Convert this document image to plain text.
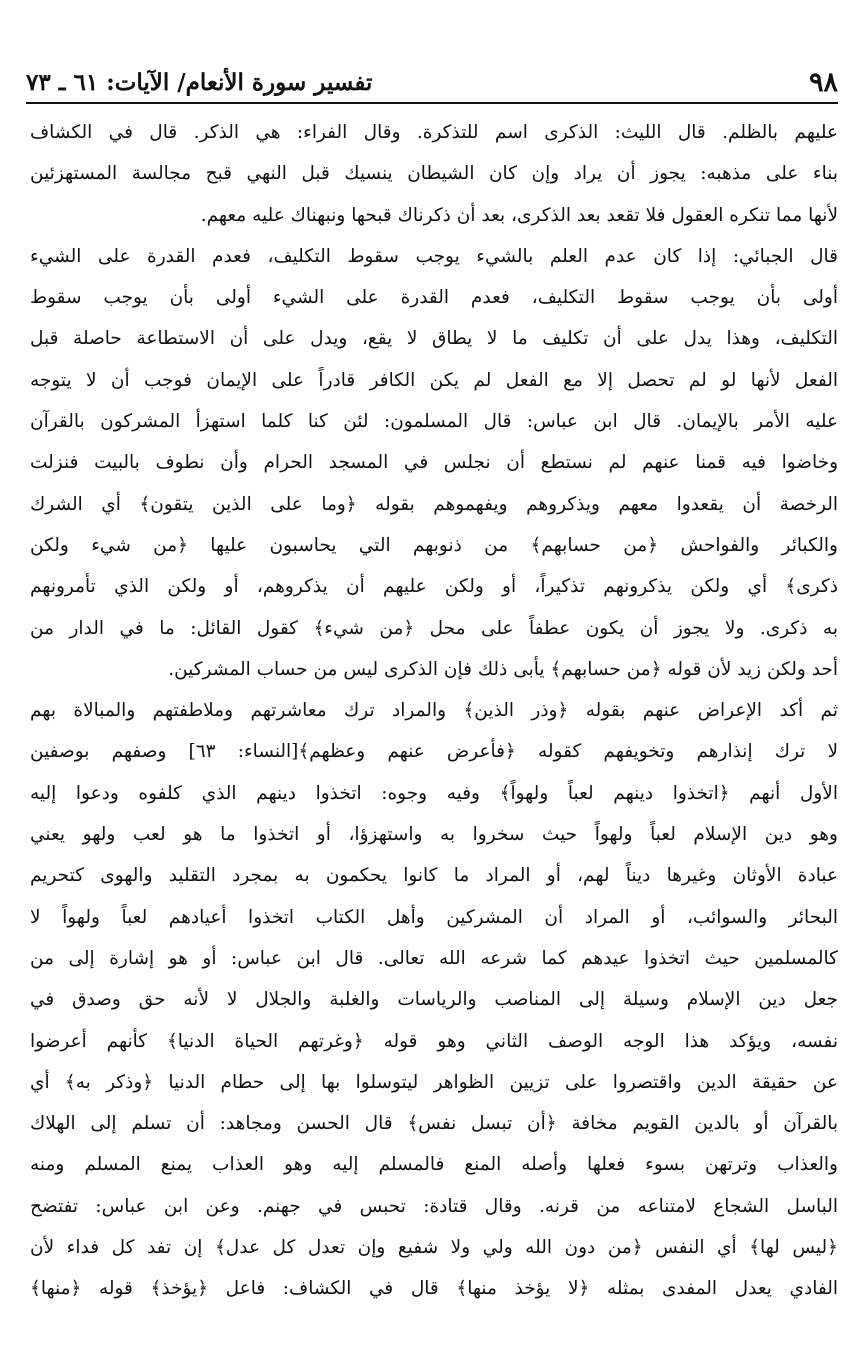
٩٨
تفسير سورة الأنعام/ الآيات: ٦١ ـ ٧٣
عليهم بالظلم. قال الليث: الذكرى اسم للتذكرة. وقال الفراء: هي الذكر. قال في الكشاف
بناء على مذهبه: يجوز أن يراد وإن كان الشيطان ينسيك قبل النهي قبح مجالسة المستهزئين
لأنها مما تنكره العقول فلا تقعد بعد الذكرى، بعد أن ذكرناك قبحها ونبهناك عليه معهم.
قال الجبائي: إذا كان عدم العلم بالشيء يوجب سقوط التكليف، فعدم القدرة على الشيء
أولى بأن يوجب سقوط التكليف، فعدم القدرة على الشيء أولى بأن يوجب سقوط
التكليف، وهذا يدل على أن تكليف ما لا يطاق لا يقع، ويدل على أن الاستطاعة حاصلة قبل
الفعل لأنها لو لم تحصل إلا مع الفعل لم يكن الكافر قادراً على الإيمان فوجب أن لا يتوجه
عليه الأمر بالإيمان. قال ابن عباس: قال المسلمون: لئن كنا كلما استهزأ المشركون بالقرآن
وخاضوا فيه قمنا عنهم لم نستطع أن نجلس في المسجد الحرام وأن نطوف بالبيت فنزلت
الرخصة أن يقعدوا معهم ويذكروهم ويفهموهم بقوله ﴿وما على الذين يتقون﴾ أي الشرك
والكبائر والفواحش ﴿من حسابهم﴾ من ذنوبهم التي يحاسبون عليها ﴿من شيء ولكن
ذكرى﴾ أي ولكن يذكرونهم تذكيراً، أو ولكن عليهم أن يذكروهم، أو ولكن الذي تأمرونهم
به ذكرى. ولا يجوز أن يكون عطفاً على محل ﴿من شيء﴾ كقول القائل: ما في الدار من
أحد ولكن زيد لأن قوله ﴿من حسابهم﴾ يأبى ذلك فإن الذكرى ليس من حساب المشركين.
ثم أكد الإعراض عنهم بقوله ﴿وذر الذين﴾ والمراد ترك معاشرتهم وملاطفتهم والمبالاة بهم
لا ترك إنذارهم وتخويفهم كقوله ﴿فأعرض عنهم وعظهم﴾[النساء: ٦٣] وصفهم بوصفين
الأول أنهم ﴿اتخذوا دينهم لعباً ولهواً﴾ وفيه وجوه: اتخذوا دينهم الذي كلفوه ودعوا إليه
وهو دين الإسلام لعباً ولهواً حيث سخروا به واستهزؤا، أو اتخذوا ما هو لعب ولهو يعني
عبادة الأوثان وغيرها ديناً لهم، أو المراد ما كانوا يحكمون به بمجرد التقليد والهوى كتحريم
البحائر والسوائب، أو المراد أن المشركين وأهل الكتاب اتخذوا أعيادهم لعباً ولهواً لا
كالمسلمين حيث اتخذوا عيدهم كما شرعه الله تعالى. قال ابن عباس: أو هو إشارة إلى من
جعل دين الإسلام وسيلة إلى المناصب والرياسات والغلبة والجلال لا لأنه حق وصدق في
نفسه، ويؤكد هذا الوجه الوصف الثاني وهو قوله ﴿وغرتهم الحياة الدنيا﴾ كأنهم أعرضوا
عن حقيقة الدين واقتصروا على تزيين الظواهر ليتوسلوا بها إلى حطام الدنيا ﴿وذكر به﴾ أي
بالقرآن أو بالدين القويم مخافة ﴿أن تبسل نفس﴾ قال الحسن ومجاهد: أن تسلم إلى الهلاك
والعذاب وترتهن بسوء فعلها وأصله المنع فالمسلم إليه وهو العذاب يمنع المسلم ومنه
الباسل الشجاع لامتناعه من قرنه. وقال قتادة: تحبس في جهنم. وعن ابن عباس: تفتضح
﴿ليس لها﴾ أي النفس ﴿من دون الله ولي ولا شفيع وإن تعدل كل عدل﴾ إن تفد كل فداء لأن
الفادي يعدل المفدى بمثله ﴿لا يؤخذ منها﴾ قال في الكشاف: فاعل ﴿يؤخذ﴾ قوله ﴿منها﴾
